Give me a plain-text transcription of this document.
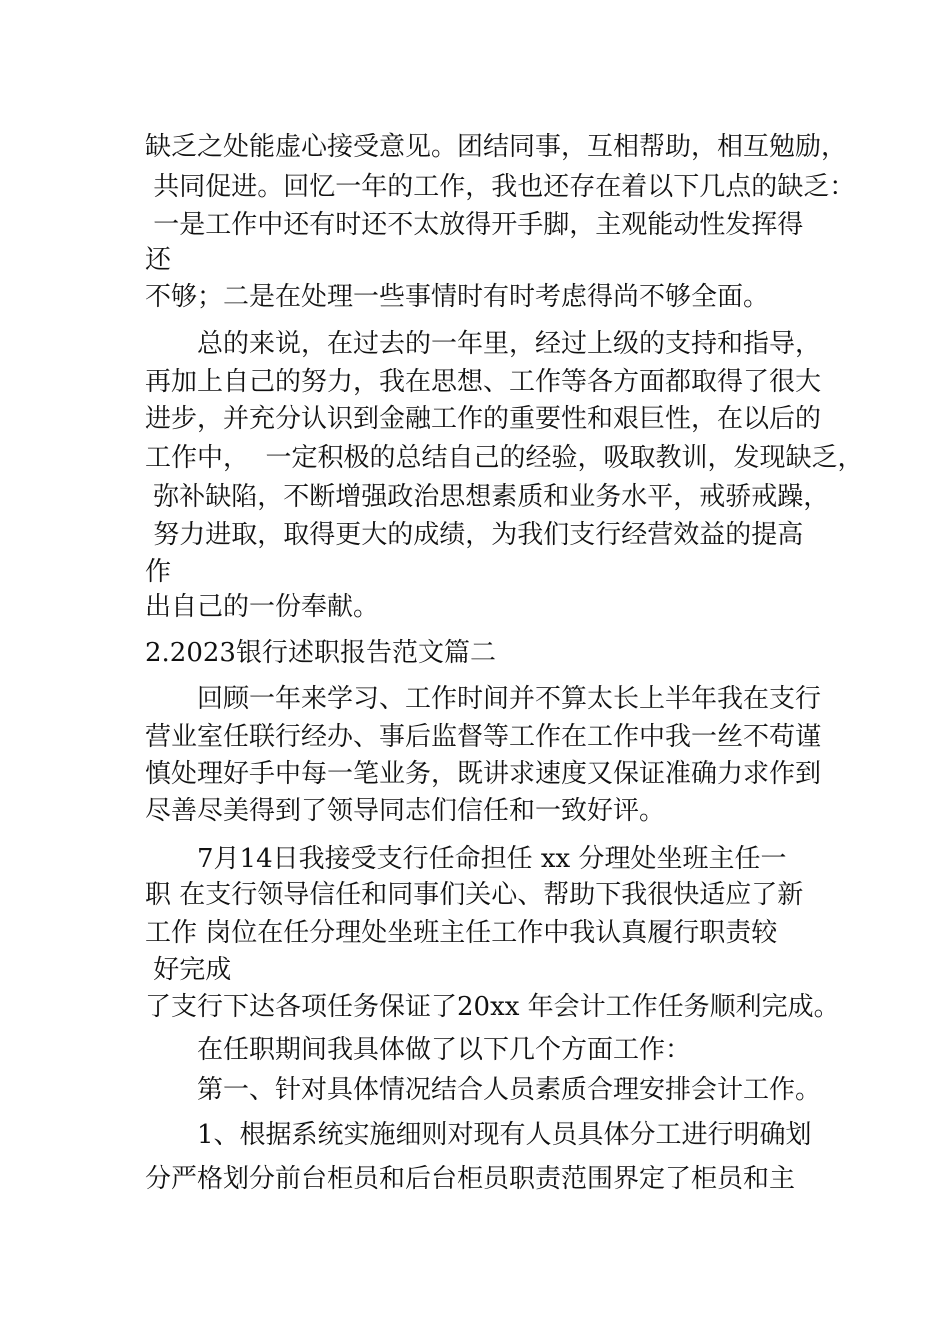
缺乏之处能虚心接受意见。团结同事，互相帮助，相互勉励，

共同促进。回忆一年的工作，我也还存在着以下几点的缺乏：

一是工作中还有时还不太放得开手脚，主观能动性发挥得

还

不够；二是在处理一些事情时有时考虑得尚不够全面。

总的来说，在过去的一年里，经过上级的支持和指导，

再加上自己的努力，我在思想、工作等各方面都取得了很大

进步，并充分认识到金融工作的重要性和艰巨性，在以后的

工作中，  一定积极的总结自己的经验，吸取教训，发现缺乏，

弥补缺陷，不断增强政治思想素质和业务水平，戒骄戒躁，

努力进取，取得更大的成绩，为我们支行经营效益的提高

作

出自己的一份奉献。

2.2023银行述职报告范文篇二

回顾一年来学习、工作时间并不算太长上半年我在支行

营业室任联行经办、事后监督等工作在工作中我一丝不苟谨

慎处理好手中每一笔业务，既讲求速度又保证准确力求作到

尽善尽美得到了领导同志们信任和一致好评。

7月14日我接受支行任命担任 xx 分理处坐班主任一

职 在支行领导信任和同事们关心、帮助下我很快适应了新

工作 岗位在任分理处坐班主任工作中我认真履行职责较

好完成

了支行下达各项任务保证了20xx 年会计工作任务顺利完成。

在任职期间我具体做了以下几个方面工作：

第一、针对具体情况结合人员素质合理安排会计工作。

1、根据系统实施细则对现有人员具体分工进行明确划

分严格划分前台柜员和后台柜员职责范围界定了柜员和主
